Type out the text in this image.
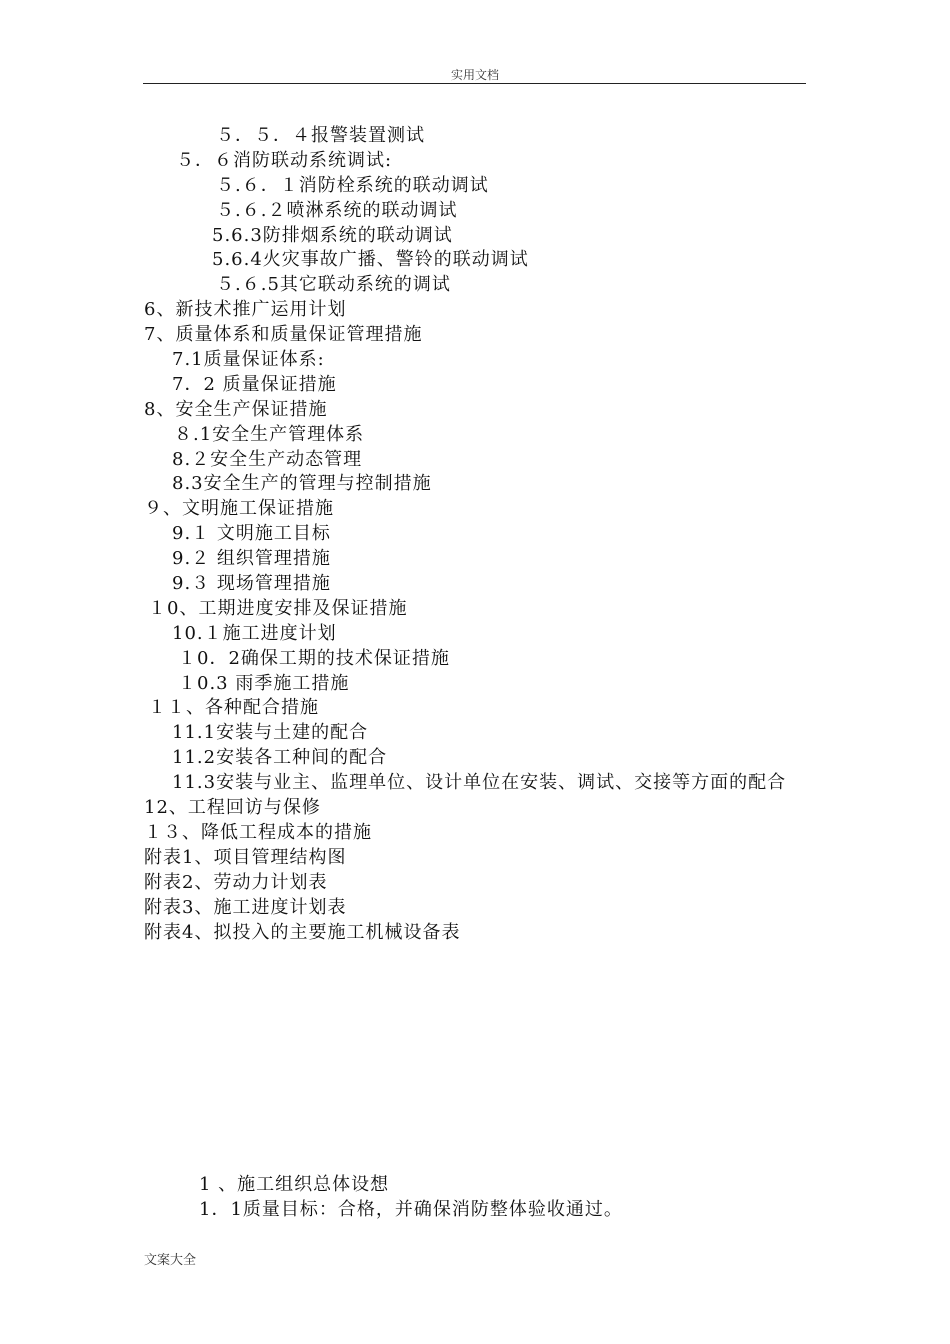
实用文档
５．５．４报警装置测试
５．６消防联动系统调试:
５.６．１消防栓系统的联动调试
５.６.２喷淋系统的联动调试
5.6.3防排烟系统的联动调试
5.6.4火灾事故广播、警铃的联动调试
５.６.5其它联动系统的调试
6、新技术推广运用计划
7、质量体系和质量保证管理措施
7.1质量保证体系:
7．2 质量保证措施
8、安全生产保证措施
８.1安全生产管理体系
8.２安全生产动态管理
8.3安全生产的管理与控制措施
９、文明施工保证措施
9.１ 文明施工目标
9.２ 组织管理措施
9.３ 现场管理措施
１0、工期进度安排及保证措施
10.１施工进度计划
１0．2确保工期的技术保证措施
１0.3 雨季施工措施
１１、各种配合措施
11.1安装与土建的配合
11.2安装各工种间的配合
11.3安装与业主、监理单位、设计单位在安装、调试、交接等方面的配合
12、工程回访与保修
１３、降低工程成本的措施
附表1、项目管理结构图
附表2、劳动力计划表
附表3、施工进度计划表
附表4、拟投入的主要施工机械设备表
1 、施工组织总体设想
1．1质量目标：合格，并确保消防整体验收通过。
文案大全
